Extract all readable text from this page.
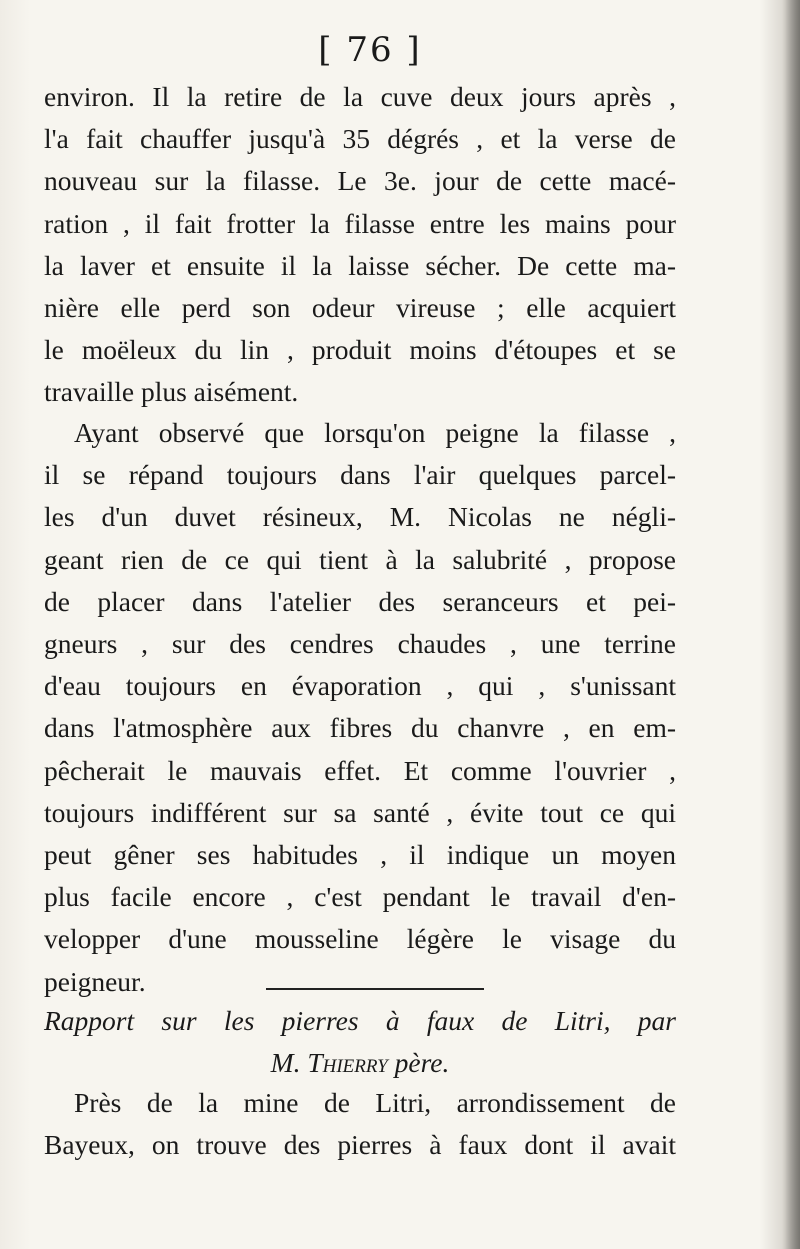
[ 76 ]
environ. Il la retire de la cuve deux jours après ,
l'a fait chauffer jusqu'à 35 dégrés , et la verse de
nouveau sur la filasse. Le 3e. jour de cette macé-
ration , il fait frotter la filasse entre les mains pour
la laver et ensuite il la laisse sécher. De cette ma-
nière elle perd son odeur vireuse ; elle acquiert
le moëleux du lin , produit moins d'étoupes et se
travaille plus aisément.
Ayant observé que lorsqu'on peigne la filasse ,
il se répand toujours dans l'air quelques parcel-
les d'un duvet résineux, M. Nicolas ne négli-
geant rien de ce qui tient à la salubrité , propose
de placer dans l'atelier des seranceurs et pei-
gneurs , sur des cendres chaudes , une terrine
d'eau toujours en évaporation , qui , s'unissant
dans l'atmosphère aux fibres du chanvre , en em-
pêcherait le mauvais effet. Et comme l'ouvrier ,
toujours indifférent sur sa santé , évite tout ce qui
peut gêner ses habitudes , il indique un moyen
plus facile encore , c'est pendant le travail d'en-
velopper d'une mousseline légère le visage du
peigneur.
Rapport sur les pierres à faux de Litri, par
M. Thierry père.
Près de la mine de Litri, arrondissement de
Bayeux, on trouve des pierres à faux dont il avait
